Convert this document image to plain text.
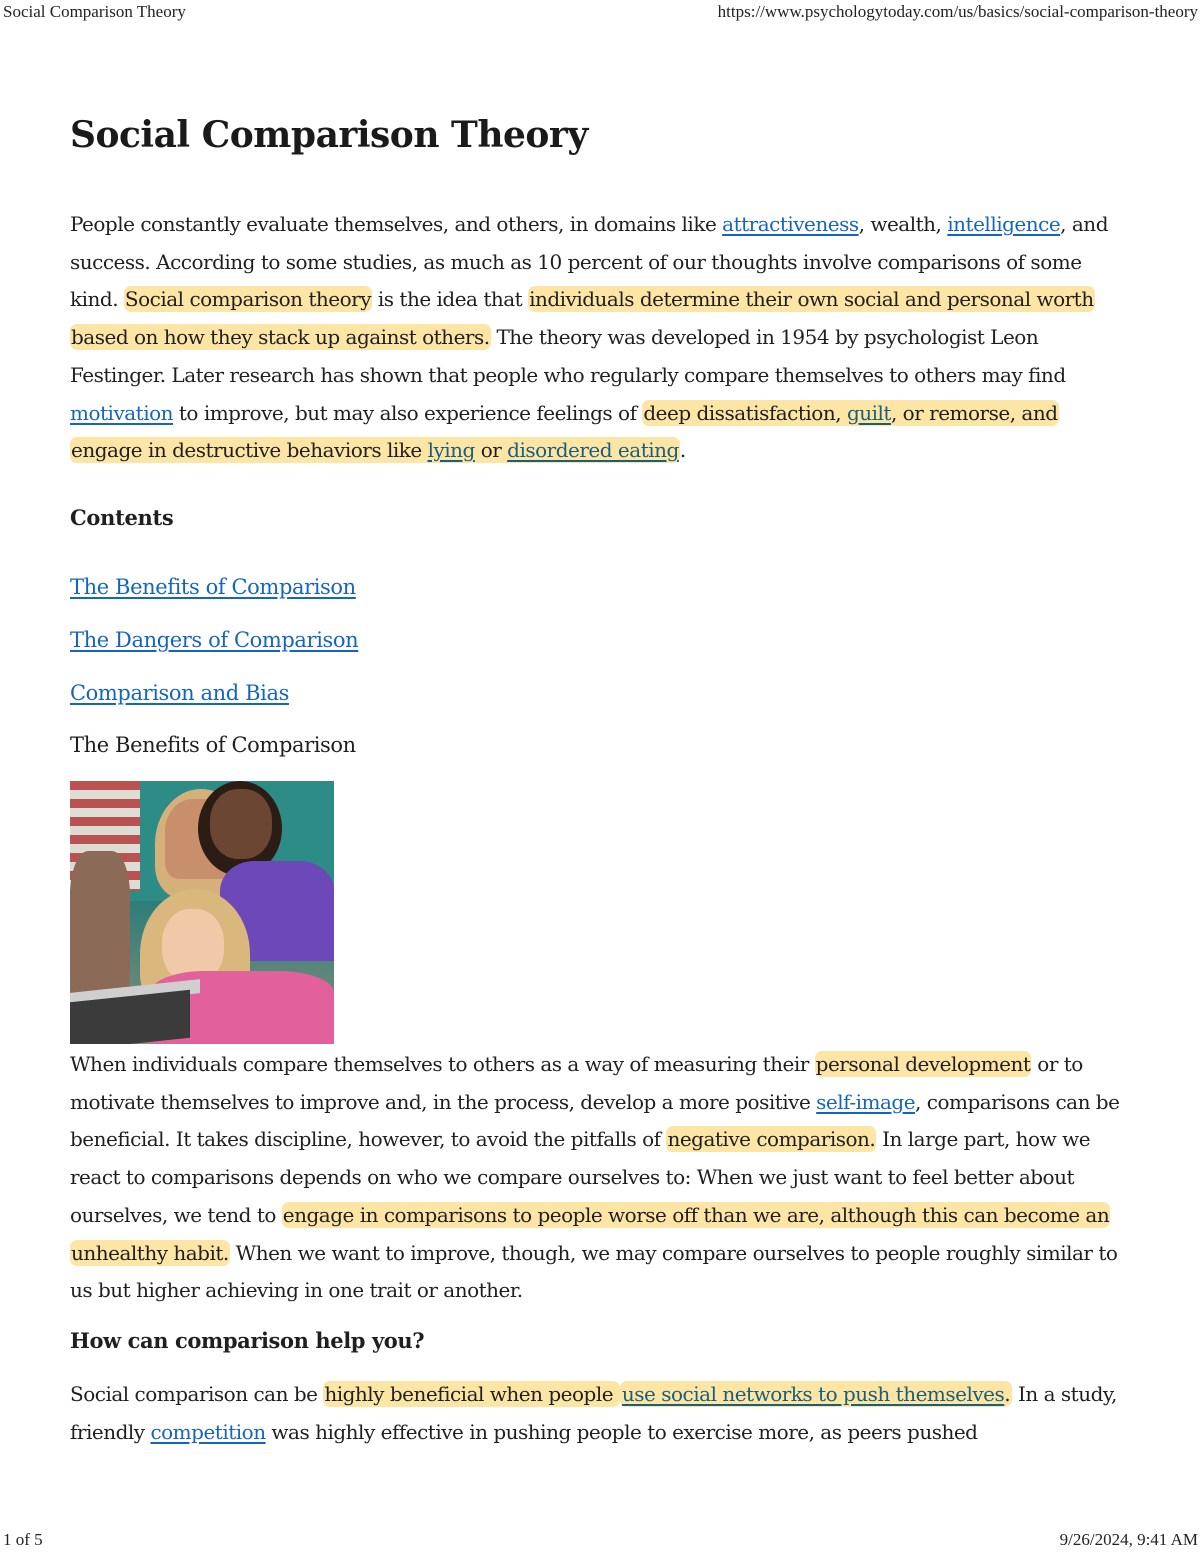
Social Comparison Theory	https://www.psychologytoday.com/us/basics/social-comparison-theory
Social Comparison Theory

People constantly evaluate themselves, and others, in domains like attractiveness, wealth, intelligence, and success. According to some studies, as much as 10 percent of our thoughts involve comparisons of some kind. Social comparison theory is the idea that individuals determine their own social and personal worth based on how they stack up against others. The theory was developed in 1954 by psychologist Leon Festinger. Later research has shown that people who regularly compare themselves to others may find motivation to improve, but may also experience feelings of deep dissatisfaction, guilt, or remorse, and engage in destructive behaviors like lying or disordered eating.

Contents
The Benefits of Comparison
The Dangers of Comparison
Comparison and Bias
The Benefits of Comparison

When individuals compare themselves to others as a way of measuring their personal development or to motivate themselves to improve and, in the process, develop a more positive self-image, comparisons can be beneficial. It takes discipline, however, to avoid the pitfalls of negative comparison. In large part, how we react to comparisons depends on who we compare ourselves to: When we just want to feel better about ourselves, we tend to engage in comparisons to people worse off than we are, although this can become an unhealthy habit. When we want to improve, though, we may compare ourselves to people roughly similar to us but higher achieving in one trait or another.

How can comparison help you?

Social comparison can be highly beneficial when people use social networks to push themselves. In a study, friendly competition was highly effective in pushing people to exercise more, as peers pushed

1 of 5	9/26/2024, 9:41 AM
